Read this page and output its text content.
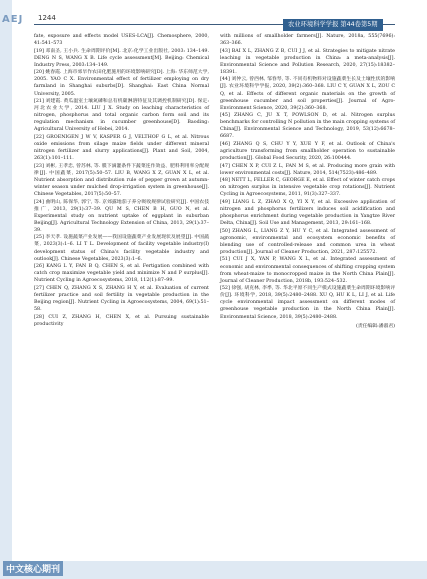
AEJ 1244
农业环境科学学报 第44卷第5期

fate, exposure and effects model USES-LCA[J]. Chemosphere, 2000, 41:541–573

[19] 邓南圣, 王小兵. 生命周期评价[M]. 北京:化学工业出版社, 2003: 134–149. DENG N S, WANG X B. Life cycle assessment[M]. Beijing: Chemical Industry Press, 2003:134–149.

[20] 姚春霞. 上海市郊旱作农田化肥施用的环境影响研究[D]. 上海: 华东师范大学, 2005. YAO C X. Environmental effect of fertilizer employing on dry farmland in Shanghai suburbs[D]. Shanghai: East China Normal University, 2005.

[21] 刘建霞. 黄瓜温室土壤氮磷和总有机碳淋溶特征及其调控机制研究[D]. 保定: 河北农业大学, 2014. LIU J X. Study on leaching characteristics of nitrogen, phosphorus and total organic carbon form soil and its regulation mechanism in cucumber greenhouse[D]. Baoding: Agricultural University of Hebei, 2014.

[22] GROENIGEN J W V, KASPER G J, VELTHOF G L, et al. Nitrous oxide emissions from silage maize fields under different mineral nitrogen fertilizer and slurry applications[J]. Plant and Soil, 2004, 263(1):101–111.

[23] 刘彬, 王孝忠, 曾苏林, 等. 膜下滴灌条件下蔬菜连作效益、肥料利用率分配规律[J]. 中国蔬菜, 2017(5):50–57. LIU B, WANG X Z, GUAN X L, et al. Nutrient absorption and distribution rule of pepper grown at autumn-winter season under mulched drop-irrigation system in greenhouse[J]. Chinese Vegetables, 2017(5):50–57.

[24] 曲明山, 陈保华, 郭宁, 等. 京郊露地茄子养分吸收规律试验研究[J]. 中国农技推广, 2013, 29(1):37–39. QU M S, CHEN B H, GUO N, et al. Experimental study on nutrient uptake of eggplant in suburban Beijing[J]. Agricultural Technology Extension of China, 2013, 29(1):37–39.

[25] 李天孝. 设施蔬菜产业发展——我国设施蔬菜产业发展现状及展望[J]. 中国蔬菜, 2023(3):1–6. LI T L. Development of facility vegetable industry(I) development status of China's facility vegetable industry and outlook[J]. Chinese Vegetables, 2023(3):1–6.

[26] KANG L Y, FAN B Q, CHEN S, et al. Fertigation combined with catch crop maximize vegetable yield and minimize N and P surplus[J]. Nutrient Cycling in Agroecosystems, 2018, 112(1):87–99.

[27] CHEN Q, ZHANG X S, ZHANG H Y, et al. Evaluation of current fertilizer practice and soil fertility in vegetable production in the Beijing region[J]. Nutrient Cycling in Agroecosystems, 2004, 69(1):51–58.

[28] CUI Z, ZHANG H, CHEN X, et al. Pursuing sustainable productivity

with millions of smallholder farmers[J]. Nature, 2018a, 555(7696): 363–366.

[43] BAI X L, ZHANG Z B, CUI J J, et al. Strategies to mitigate nitrate leaching in vegetable production in China: a meta-analysis[J]. Environmental Science and Pollution Research, 2020, 27(15):18382–18391.

[44] 刘仲云, 曾西林, 邹春琴, 等. 不同有机物料对设施蔬菜生长及土壤性状的影响[J]. 农业环境科学学报, 2020, 39(2):360–368. LIU C Y, GUAN X L, ZOU C Q, et al. Effects of different organic materials on the growth of greenhouse cucumber and soil properties[J]. Journal of Agro-Environment Science, 2020, 39(2):360–368.

[45] ZHANG C, JU X T, POWLSON D, et al. Nitrogen surplus benchmarks for controlling N pollution in the main cropping systems of China[J]. Environmental Science and Technology, 2019, 53(12):6678–6687.

[46] ZHANG Q S, CHU Y Y, XUE Y F, et al. Outlook of China's agriculture transforming from smallholder operation to sustainable production[J]. Global Food Security, 2020, 26:100444.

[47] CHEN X P, CUI Z L, FAN M S, et al. Producing more grain with lower environmental costs[J]. Nature, 2014, 514(7523):486–489.

[48] NETT L, FELLER C, GEORGE E, et al. Effect of winter catch crops on nitrogen surplus in intensive vegetable crop rotations[J]. Nutrient Cycling in Agroecosystems, 2011, 91(3):327–337.

[49] LIANG L Z, ZHAO X Q, YI X Y, et al. Excessive application of nitrogen and phosphorus fertilizers induces soil acidification and phosphorus enrichment during vegetable production in Yangtze River Delta, China[J]. Soil Use and Management, 2013, 29:161–168.

[50] ZHANG L, LIANG Z Y, HU Y C, et al. Integrated assessment of agronomic, environmental and ecosystem economic benefits of blending use of controlled-release and common urea in wheat production[J]. Journal of Cleaner Production, 2021, 287:125572.

[51] CUI J X, YAN P, WANG X L, et al. Integrated assessment of economic and environmental consequences of shifting cropping system from wheat-maize to monocropped maize in the North China Plain[J]. Journal of Cleaner Production, 2018b, 193:524–532.

[52] 徐强, 胡克林, 李季, 等. 华北平原不同生产模式设施蔬菜生命周期环境影响评价[J]. 环境科学, 2018, 39(5):2480–2488. XU Q, HU K L, LI J, et al. Life cycle environmental impact assessment on different modes of greenhouse vegetable production in the North China Plain[J]. Environmental Science, 2018, 39(5):2480–2488.

(责任编辑:潘淑君)

中文核心期刊
